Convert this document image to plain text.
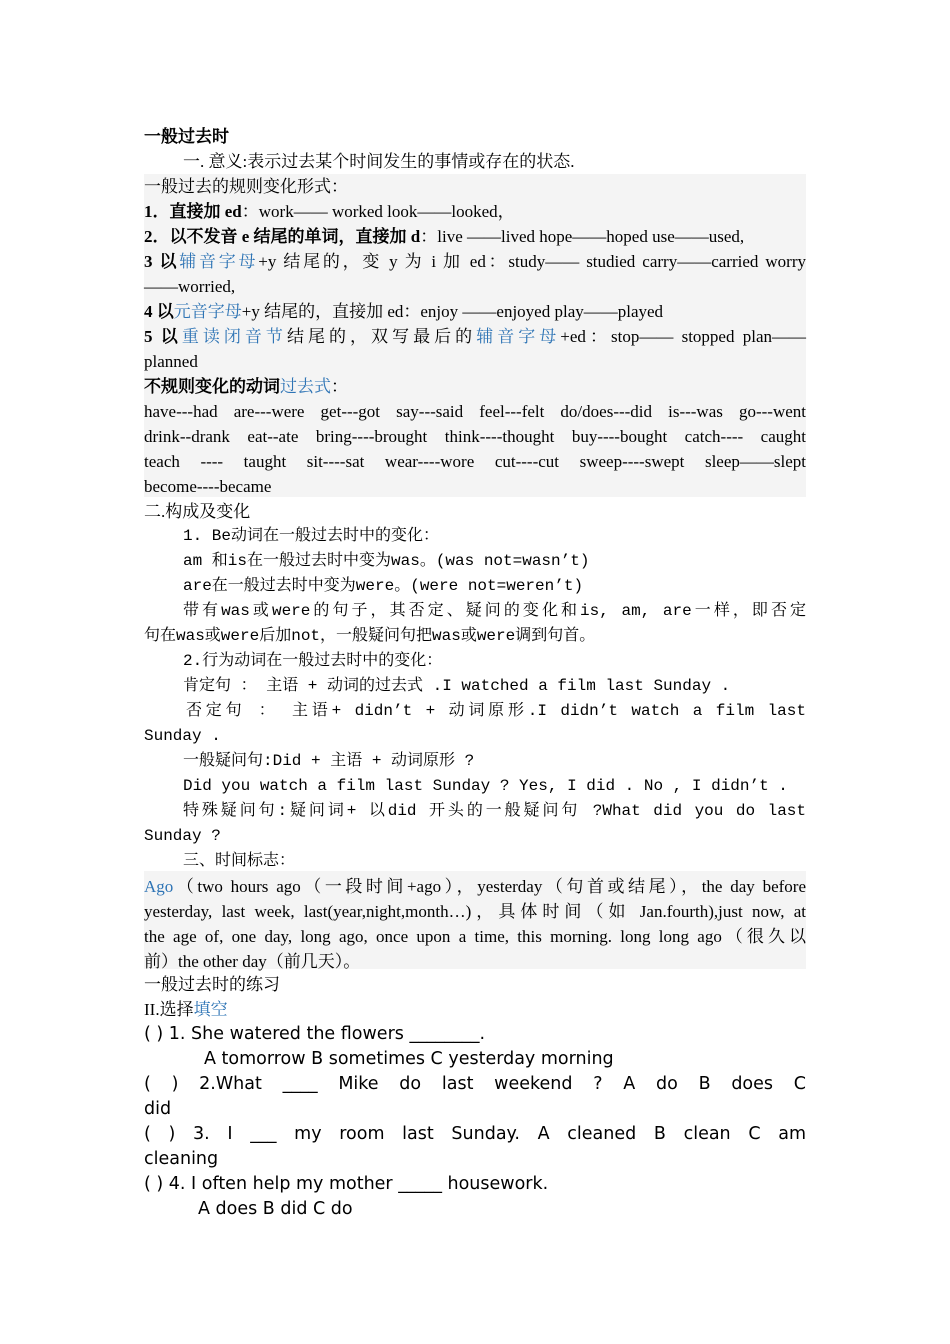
一般过去时
一. 意义:表示过去某个时间发生的事情或存在的状态.
一般过去的规则变化形式：
1．直接加 ed：work—— worked look——looked，
2．以不发音 e 结尾的单词，直接加 d：live ——lived hope——hoped use——used,
3 以辅音字母+y 结尾的，变 y 为 i 加 ed：study—— studied carry——carried worry
——worried,
4 以元音字母+y 结尾的，直接加 ed：enjoy ——enjoyed play——played
5 以重读闭音节结尾的，双写最后的辅音字母+ed：stop—— stopped plan——
planned
不规则变化的动词过去式：
have---had are---were get---got say---said feel---felt do/does---did is---was go---went
drink--drank eat--ate bring----brought think----thought buy----bought catch---- caught
teach ---- taught sit----sat wear----wore cut----cut sweep----swept sleep——slept
become----became
二.构成及变化
1. Be动词在一般过去时中的变化：
am 和is在一般过去时中变为was。(was not=wasn’t)
are在一般过去时中变为were。(were not=weren’t)
带有was或were的句子，其否定、疑问的变化和is, am, are一样，即否定
句在was或were后加not，一般疑问句把was或were调到句首。
2.行为动词在一般过去时中的变化：
肯定句 ： 主语 + 动词的过去式 .I watched a film last Sunday .
否定句 ： 主语+ didn’t + 动词原形.I didn’t watch a film last
Sunday .
一般疑问句:Did + 主语 + 动词原形 ?
Did you watch a film last Sunday ? Yes, I did . No , I didn’t .
特殊疑问句:疑问词+ 以did 开头的一般疑问句 ?What did you do last
Sunday ?
三、时间标志：
Ago（two hours ago（一段时间+ago），yesterday（句首或结尾），the day before
yesterday, last week, last(year,night,month…)，具体时间（如 Jan.fourth),just now, at
the age of, one day, long ago, once upon a time, this morning. long long ago（很久以
前）the other day（前几天）。
一般过去时的练习
II.选择填空
( ) 1. She watered the flowers ________.
A tomorrow B sometimes C yesterday morning
( ) 2.What ____ Mike do last weekend ? A do B does C
did
( ) 3. I ___ my room last Sunday. A cleaned B clean C am
cleaning
( ) 4. I often help my mother _____ housework.
A does B did C do
